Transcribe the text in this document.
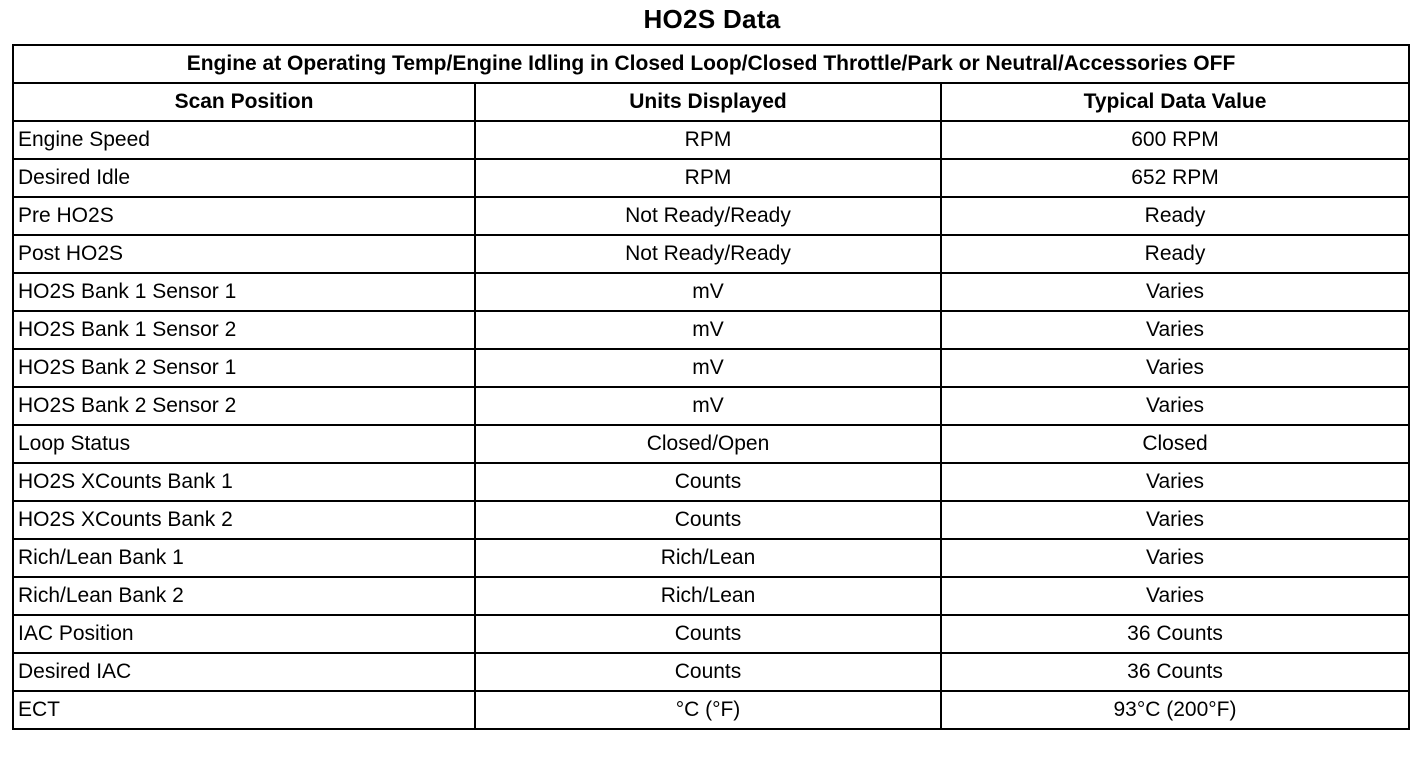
HO2S Data
Engine at Operating Temp/Engine Idling in Closed Loop/Closed Throttle/Park or Neutral/Accessories OFF		
Scan Position	Units Displayed	Typical Data Value
Engine Speed	RPM	600 RPM
Desired Idle	RPM	652 RPM
Pre HO2S	Not Ready/Ready	Ready
Post HO2S	Not Ready/Ready	Ready
HO2S Bank 1 Sensor 1	mV	Varies
HO2S Bank 1 Sensor 2	mV	Varies
HO2S Bank 2 Sensor 1	mV	Varies
HO2S Bank 2 Sensor 2	mV	Varies
Loop Status	Closed/Open	Closed
HO2S XCounts Bank 1	Counts	Varies
HO2S XCounts Bank 2	Counts	Varies
Rich/Lean Bank 1	Rich/Lean	Varies
Rich/Lean Bank 2	Rich/Lean	Varies
IAC Position	Counts	36 Counts
Desired IAC	Counts	36 Counts
ECT	°C (°F)	93°C (200°F)
